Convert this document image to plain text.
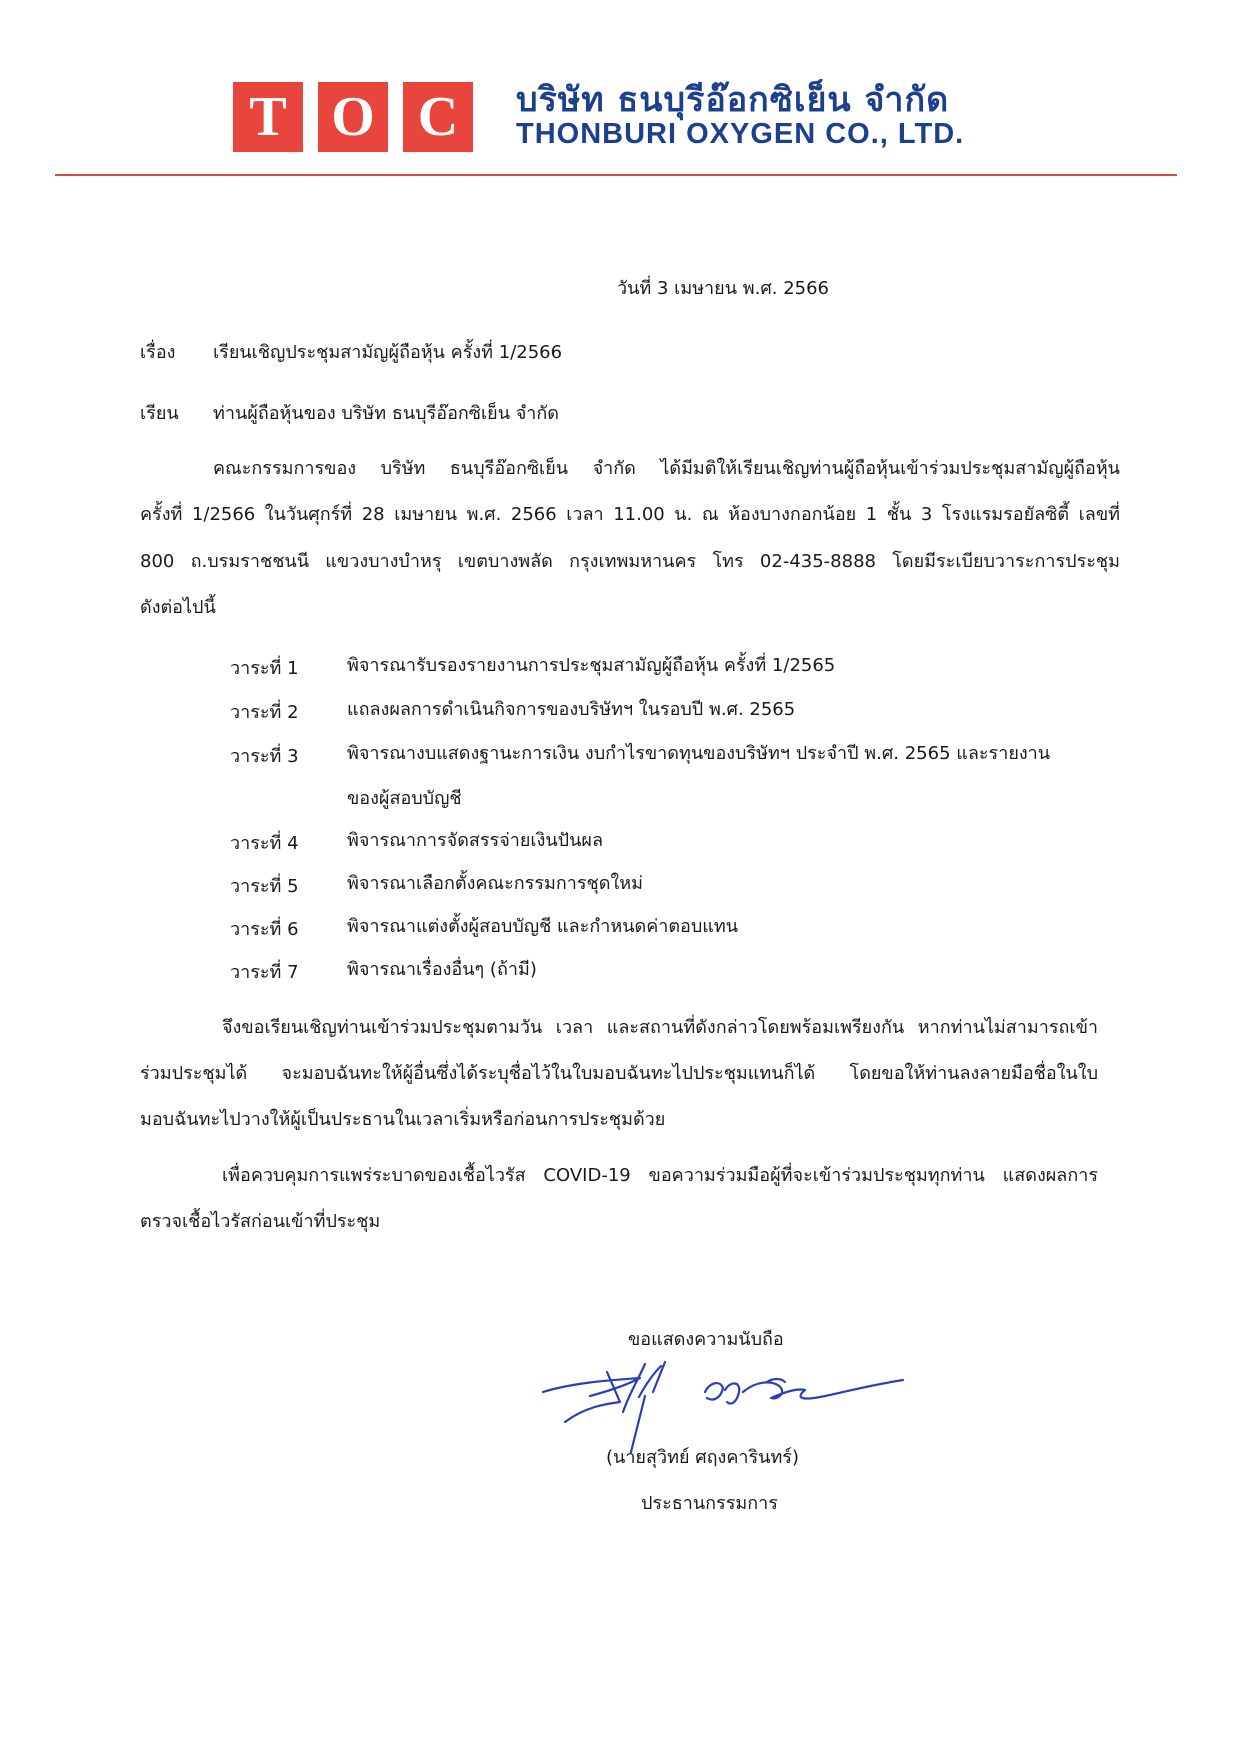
T O C	บริษัท ธนบุรีอ๊อกซิเย็น จำกัด
THONBURI OXYGEN CO., LTD.
วันที่ 3 เมษายน พ.ศ. 2566
เรื่อง เรียนเชิญประชุมสามัญผู้ถือหุ้น ครั้งที่ 1/2566
เรียน ท่านผู้ถือหุ้นของ บริษัท ธนบุรีอ๊อกซิเย็น จำกัด
คณะกรรมการของ บริษัท ธนบุรีอ๊อกซิเย็น จำกัด ได้มีมติให้เรียนเชิญท่านผู้ถือหุ้นเข้าร่วมประชุมสามัญผู้ถือหุ้น
ครั้งที่ 1/2566 ในวันศุกร์ที่ 28 เมษายน พ.ศ. 2566 เวลา 11.00 น. ณ ห้องบางกอกน้อย 1 ชั้น 3 โรงแรมรอยัลซิตี้ เลขที่
800 ถ.บรมราชชนนี แขวงบางบำหรุ เขตบางพลัด กรุงเทพมหานคร โทร 02-435-8888 โดยมีระเบียบวาระการประชุม
ดังต่อไปนี้
วาระที่ 1	พิจารณารับรองรายงานการประชุมสามัญผู้ถือหุ้น ครั้งที่ 1/2565
วาระที่ 2	แถลงผลการดำเนินกิจการของบริษัทฯ ในรอบปี พ.ศ. 2565
วาระที่ 3	พิจารณางบแสดงฐานะการเงิน งบกำไรขาดทุนของบริษัทฯ ประจำปี พ.ศ. 2565 และรายงาน
ของผู้สอบบัญชี
วาระที่ 4	พิจารณาการจัดสรรจ่ายเงินปันผล
วาระที่ 5	พิจารณาเลือกตั้งคณะกรรมการชุดใหม่
วาระที่ 6	พิจารณาแต่งตั้งผู้สอบบัญชี และกำหนดค่าตอบแทน
วาระที่ 7	พิจารณาเรื่องอื่นๆ (ถ้ามี)
จึงขอเรียนเชิญท่านเข้าร่วมประชุมตามวัน เวลา และสถานที่ดังกล่าวโดยพร้อมเพรียงกัน หากท่านไม่สามารถเข้า
ร่วมประชุมได้ จะมอบฉันทะให้ผู้อื่นซึ่งได้ระบุชื่อไว้ในใบมอบฉันทะไปประชุมแทนก็ได้ โดยขอให้ท่านลงลายมือชื่อในใบ
มอบฉันทะไปวางให้ผู้เป็นประธานในเวลาเริ่มหรือก่อนการประชุมด้วย
เพื่อควบคุมการแพร่ระบาดของเชื้อไวรัส COVID-19 ขอความร่วมมือผู้ที่จะเข้าร่วมประชุมทุกท่าน แสดงผลการ
ตรวจเชื้อไวรัสก่อนเข้าที่ประชุม
ขอแสดงความนับถือ
(นายสุวิทย์ ศฤงคารินทร์)
ประธานกรรมการ
